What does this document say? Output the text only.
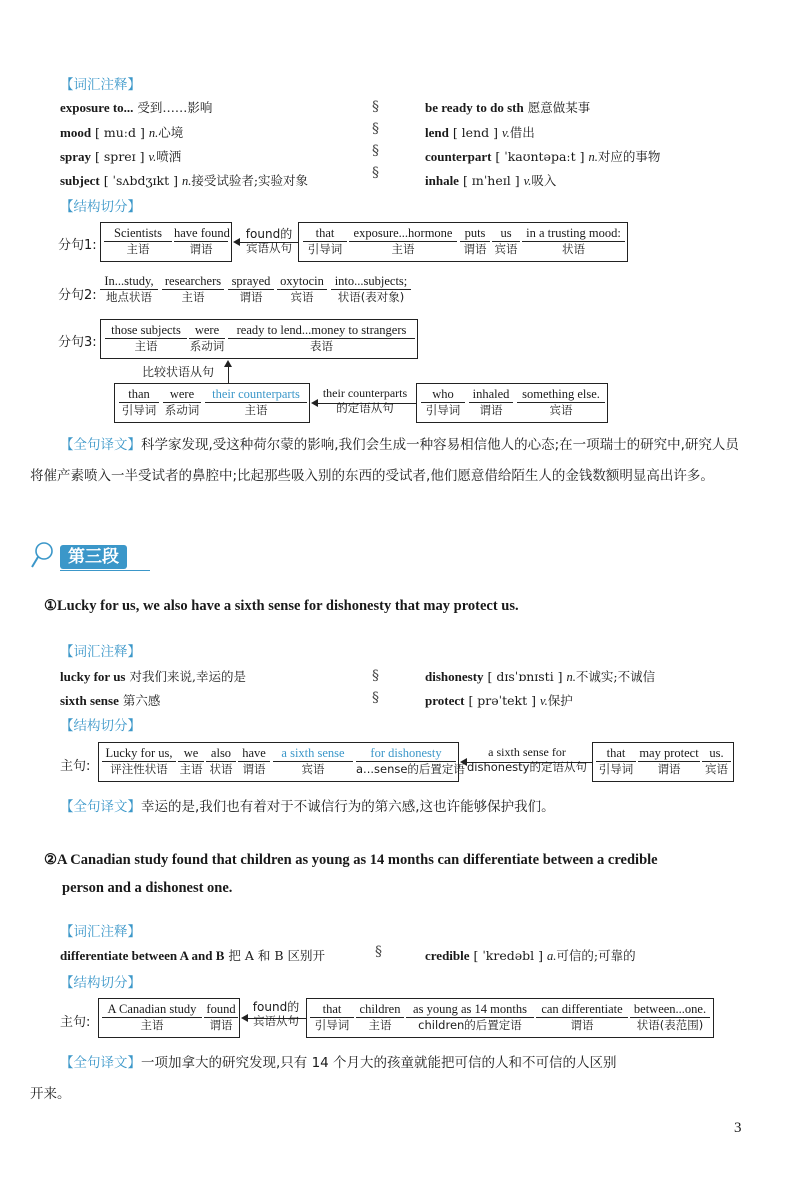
【词汇注释】
exposure to... 受到……影响
mood [ muːd ] n.心境
spray [ spreɪ ] v.喷洒
subject [ ˈsʌbdʒɪkt ] n.接受试验者;实验对象
§
§
§
§
be ready to do sth 愿意做某事
lend [ lend ] v.借出
counterpart [ ˈkaʊntəpaːt ] n.对应的事物
inhale [ ɪnˈheɪl ] v.吸入
【结构切分】
分句1:
Scientists
主语
have found
谓语
found的
宾语从句
that
引导词
exposure...hormone
主语
puts
谓语
us
宾语
in a trusting mood:
状语
分句2:
In...study,
地点状语
researchers
主语
sprayed
谓语
oxytocin
宾语
into...subjects;
状语(表对象)
分句3:
those subjects
主语
were
系动词
ready to lend...money to strangers
表语
比较状语从句
than
引导词
were
系动词
their counterparts
主语
their counterparts
的定语从句
who
引导词
inhaled
谓语
something else.
宾语
【全句译文】科学家发现,受这种荷尔蒙的影响,我们会生成一种容易相信他人的心态;在一项瑞士的研究中,研究人员将催产素喷入一半受试者的鼻腔中;比起那些吸入别的东西的受试者,他们愿意借给陌生人的金钱数额明显高出许多。
第三段
①Lucky for us, we also have a sixth sense for dishonesty that may protect us.
【词汇注释】
lucky for us 对我们来说,幸运的是
sixth sense 第六感
§
§
dishonesty [ dɪsˈɒnɪsti ] n.不诚实;不诚信
protect [ prəˈtekt ] v.保护
【结构切分】
主句:
Lucky for us,
评注性状语
we
主语
also
状语
have
谓语
a sixth sense
宾语
for dishonesty
a...sense的后置定语
a sixth sense for
dishonesty的定语从句
that
引导词
may protect
谓语
us.
宾语
【全句译文】幸运的是,我们也有着对于不诚信行为的第六感,这也许能够保护我们。
②A Canadian study found that children as young as 14 months can differentiate between a credible
person and a dishonest one.
【词汇注释】
differentiate between A and B 把 A 和 B 区别开	§	credible [ ˈkredəbl ] a.可信的;可靠的
【结构切分】
主句:
A Canadian study
主语
found
谓语
found的
宾语从句
that
引导词
children
主语
as young as 14 months
children的后置定语
can differentiate
谓语
between...one.
状语(表范围)
【全句译文】一项加拿大的研究发现,只有 14 个月大的孩童就能把可信的人和不可信的人区别
开来。
3
